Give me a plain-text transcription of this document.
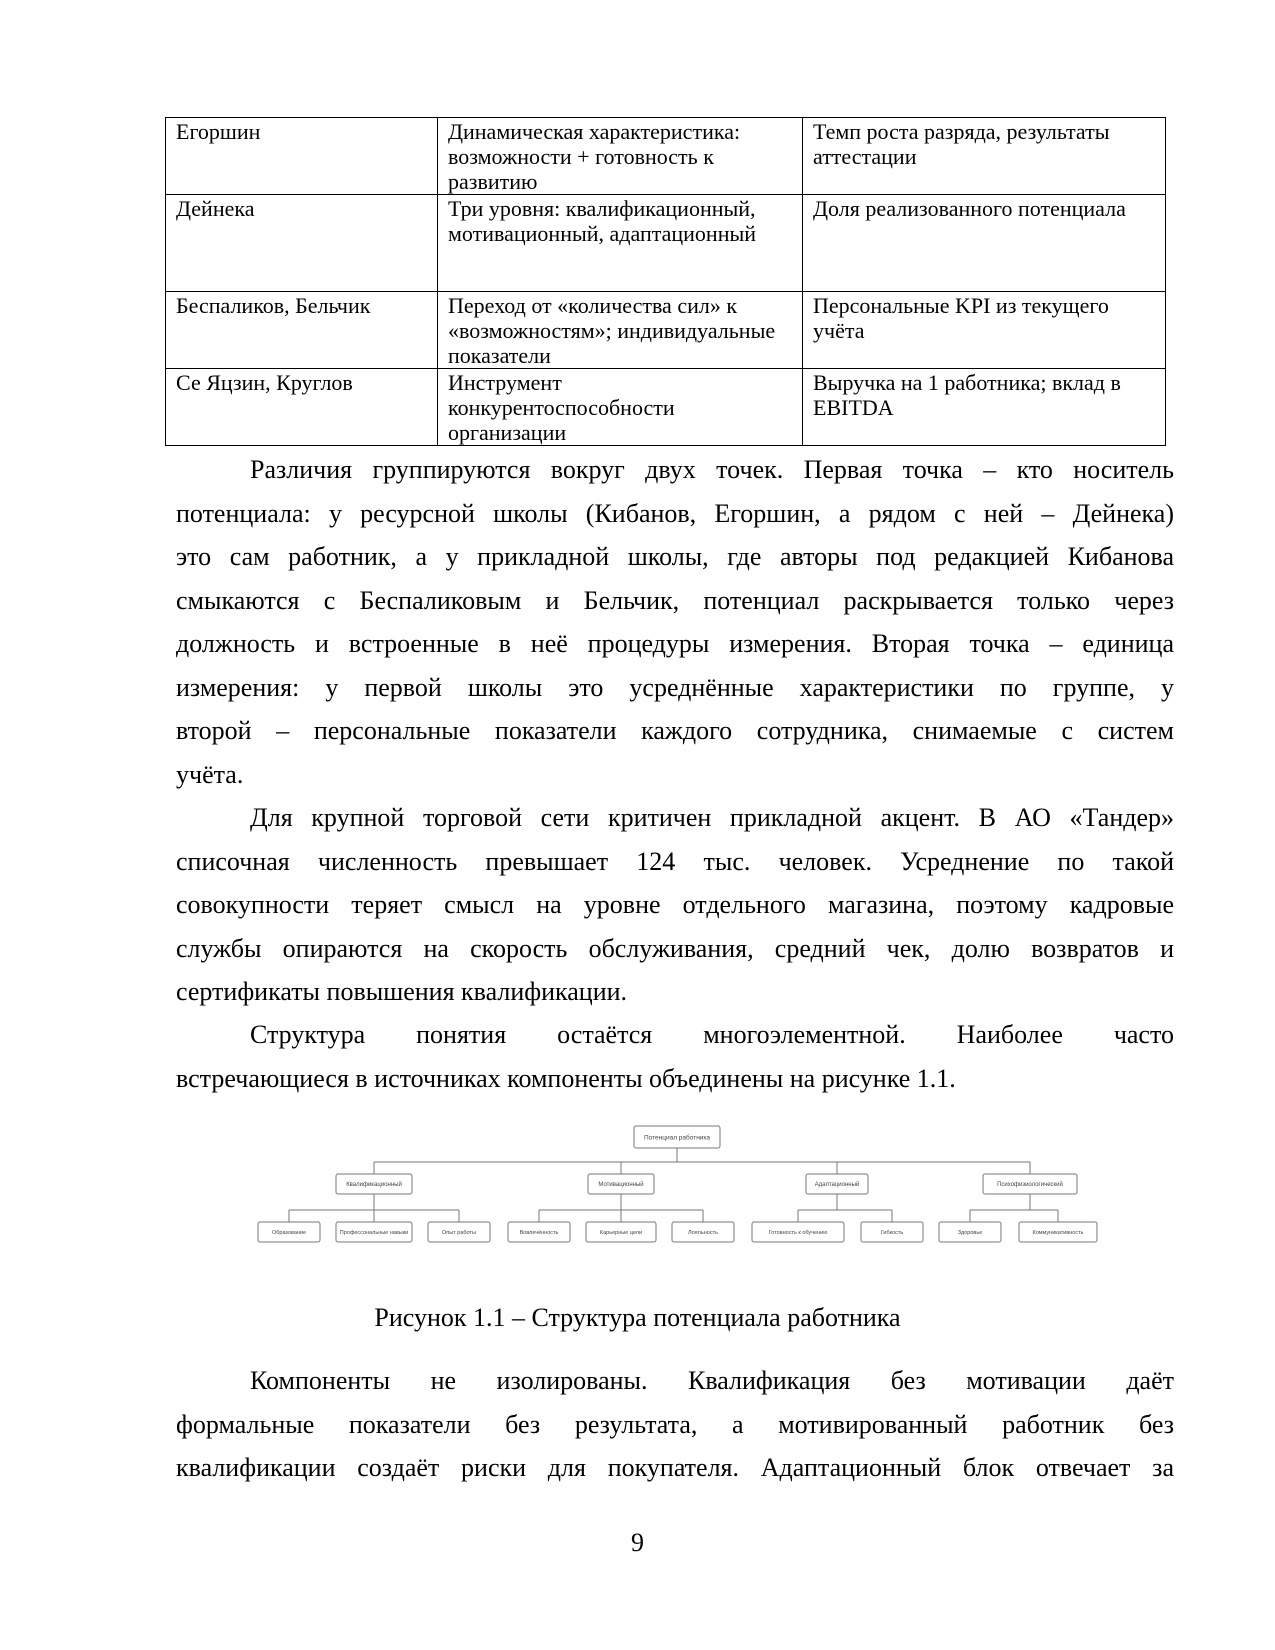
Егоршин	Динамическая характеристика: возможности + готовность к развитию	Темп роста разряда, результаты аттестации
Дейнека	Три уровня: квалификационный, мотивационный, адаптационный	Доля реализованного потенциала
Беспаликов, Бельчик	Переход от «количества сил» к «возможностям»; индивидуальные показатели	Персональные KPI из текущего учёта
Се Яцзин, Круглов	Инструмент конкурентоспособности организации	Выручка на 1 работника; вклад в EBITDA
Различия группируются вокруг двух точек. Первая точка – кто носитель
потенциала: у ресурсной школы (Кибанов, Егоршин, а рядом с ней – Дейнека)
это сам работник, а у прикладной школы, где авторы под редакцией Кибанова
смыкаются с Беспаликовым и Бельчик, потенциал раскрывается только через
должность и встроенные в неё процедуры измерения. Вторая точка – единица
измерения: у первой школы это усреднённые характеристики по группе, у
второй – персональные показатели каждого сотрудника, снимаемые с систем
учёта.
Для крупной торговой сети критичен прикладной акцент. В АО «Тандер»
списочная численность превышает 124 тыс. человек. Усреднение по такой
совокупности теряет смысл на уровне отдельного магазина, поэтому кадровые
службы опираются на скорость обслуживания, средний чек, долю возвратов и
сертификаты повышения квалификации.
Структура понятия остаётся многоэлементной. Наиболее часто
встречающиеся в источниках компоненты объединены на рисунке 1.1.
Потенциал работника
Квалификационный
Образование	Профессональные навыки	Опыт работы
Мотивационный
Вовлечённость	Карьерные цели	Лояльность
Адаптационный
Готовность к обучению	Гибкость
Психофизиологический
Здоровье	Коммуникативность
Рисунок 1.1 – Структура потенциала работника
Компоненты не изолированы. Квалификация без мотивации даёт
формальные показатели без результата, а мотивированный работник без
квалификации создаёт риски для покупателя. Адаптационный блок отвечает за
9
